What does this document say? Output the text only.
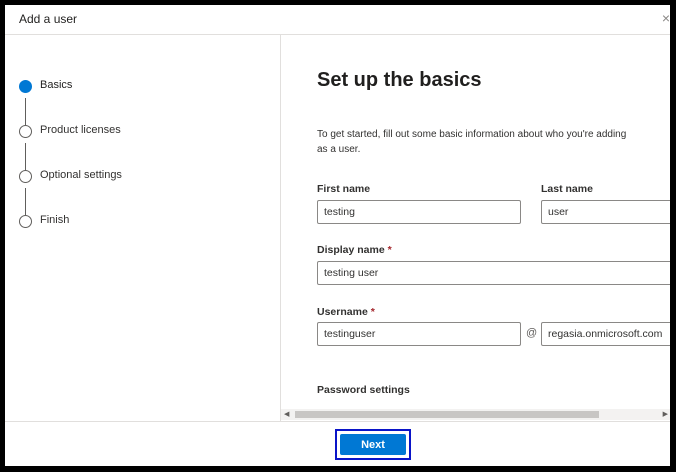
Add a user	×
Basics
Product licenses
Optional settings
Finish
Set up the basics
To get started, fill out some basic information about who you're adding as a user.
First name	Last name
testing	user
Display name *
testing user
Username *
testinguser	@	regasia.onmicrosoft.com
Password settings
◀	▶
Next
